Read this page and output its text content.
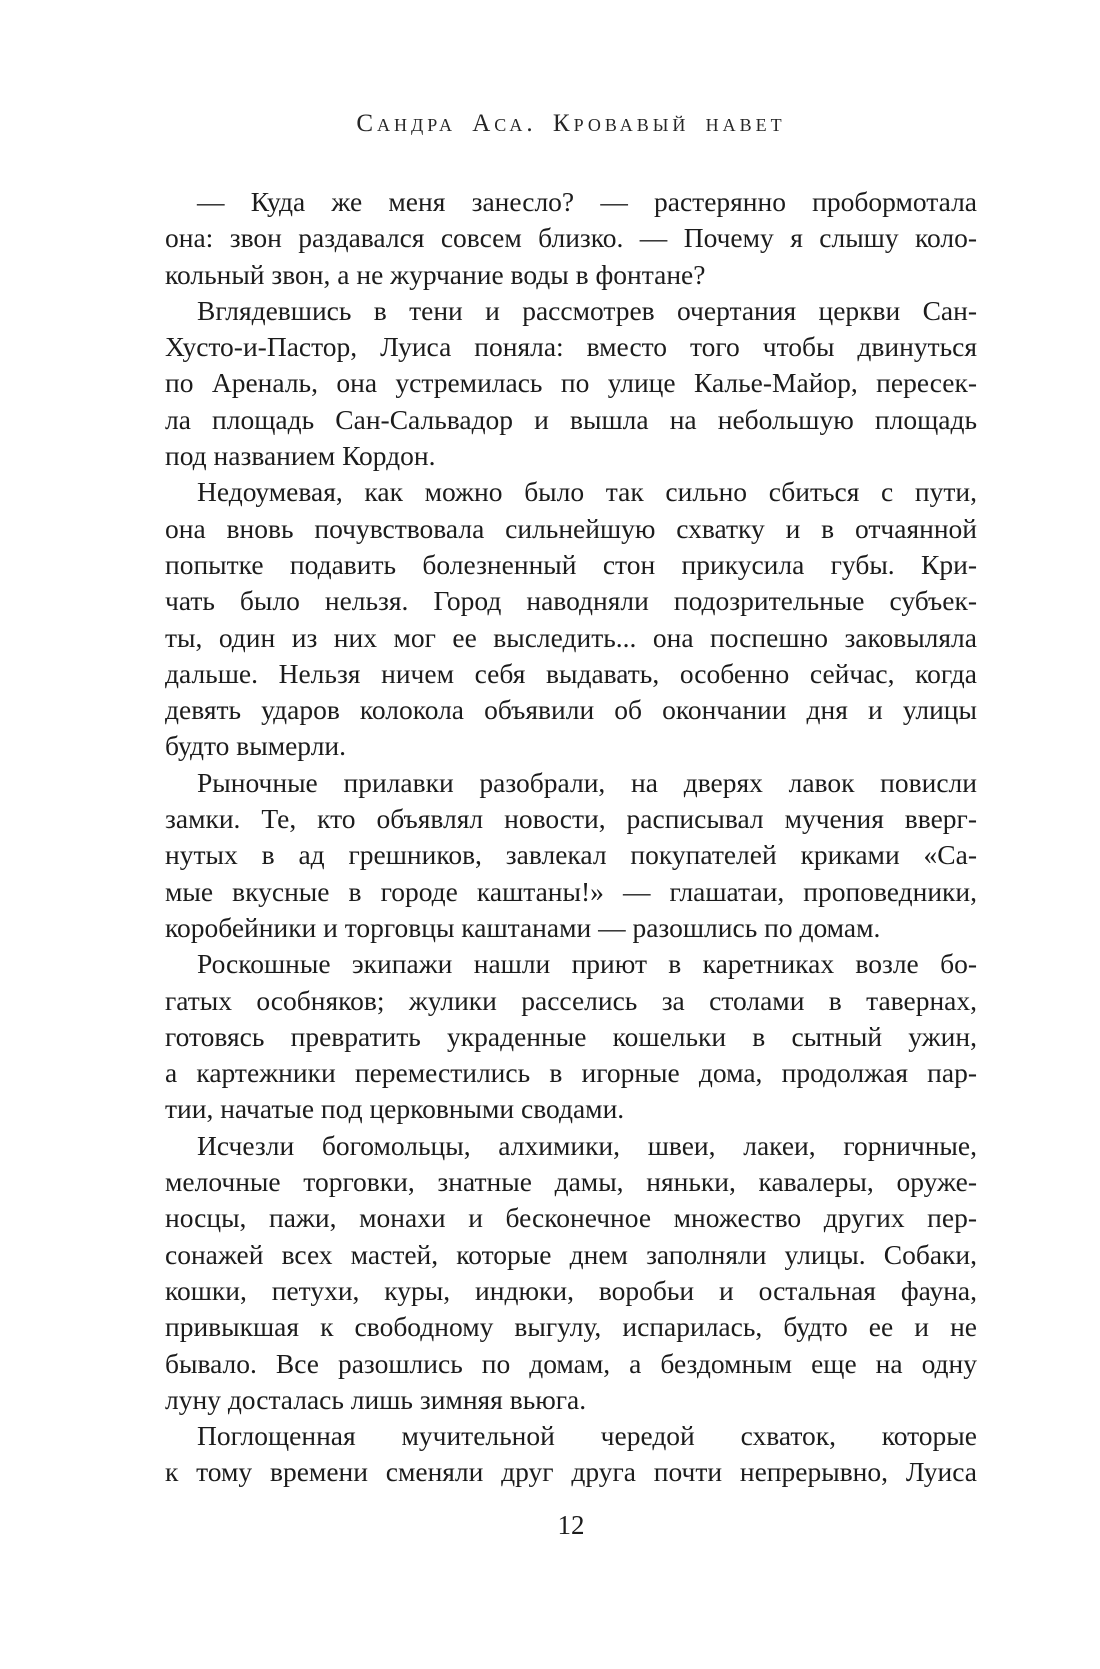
Сандра Аса. Кровавый навет
— Куда же меня занесло? — растерянно пробормотала
она: звон раздавался совсем близко. — Почему я слышу коло-
кольный звон, а не журчание воды в фонтане?
Вглядевшись в тени и рассмотрев очертания церкви Сан-
Хусто-и-Пастор, Луиса поняла: вместо того чтобы двинуться
по Ареналь, она устремилась по улице Калье-Майор, пересек-
ла площадь Сан-Сальвадор и вышла на небольшую площадь
под названием Кордон.
Недоумевая, как можно было так сильно сбиться с пути,
она вновь почувствовала сильнейшую схватку и в отчаянной
попытке подавить болезненный стон прикусила губы. Кри-
чать было нельзя. Город наводняли подозрительные субъек-
ты, один из них мог ее выследить... она поспешно заковыляла
дальше. Нельзя ничем себя выдавать, особенно сейчас, когда
девять ударов колокола объявили об окончании дня и улицы
будто вымерли.
Рыночные прилавки разобрали, на дверях лавок повисли
замки. Те, кто объявлял новости, расписывал мучения вверг-
нутых в ад грешников, завлекал покупателей криками «Са-
мые вкусные в городе каштаны!» — глашатаи, проповедники,
коробейники и торговцы каштанами — разошлись по домам.
Роскошные экипажи нашли приют в каретниках возле бо-
гатых особняков; жулики расселись за столами в тавернах,
готовясь превратить украденные кошельки в сытный ужин,
а картежники переместились в игорные дома, продолжая пар-
тии, начатые под церковными сводами.
Исчезли богомольцы, алхимики, швеи, лакеи, горничные,
мелочные торговки, знатные дамы, няньки, кавалеры, оруже-
носцы, пажи, монахи и бесконечное множество других пер-
сонажей всех мастей, которые днем заполняли улицы. Собаки,
кошки, петухи, куры, индюки, воробьи и остальная фауна,
привыкшая к свободному выгулу, испарилась, будто ее и не
бывало. Все разошлись по домам, а бездомным еще на одну
луну досталась лишь зимняя вьюга.
Поглощенная мучительной чередой схваток, которые
к тому времени сменяли друг друга почти непрерывно, Луиса
12
